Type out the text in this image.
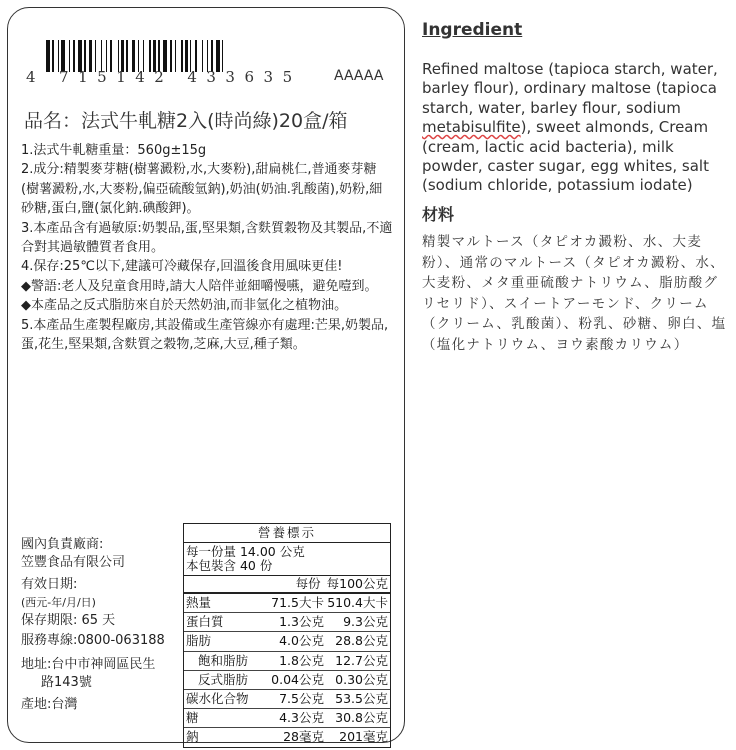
4 715142 433635 AAAAA
品名：法式牛軋糖2入(時尚綠)20盒/箱

1.法式牛軋糖重量：560g±15g

2.成分:精製麥芽糖(樹薯澱粉,水,大麥粉),甜扁桃仁,普通麥芽糖(樹薯澱粉,水,大麥粉,偏亞硫酸氫鈉),奶油(奶油.乳酸菌),奶粉,細砂糖,蛋白,鹽(氯化鈉.碘酸鉀)。

3.本產品含有過敏原:奶製品,蛋,堅果類,含麩質穀物及其製品,不適合對其過敏體質者食用。

4.保存:25℃以下,建議可冷藏保存,回溫後食用風味更佳!

◆警語:老人及兒童食用時,請大人陪伴並細嚼慢嚥，避免噎到。

◆本產品之反式脂肪來自於天然奶油,而非氫化之植物油。

5.本產品生產製程廠房,其設備或生產管線亦有處理:芒果,奶製品,蛋,花生,堅果類,含麩質之穀物,芝麻,大豆,種子類。

國內負責廠商:
笠豐食品有限公司
有效日期:
(西元-年/月/日)
保存期限: 65 天
服務專線:0800-063188
地址:台中市神岡區民生
路143號
產地:台灣
營養標示
每一份量 14.00 公克
本包裝含 40 份
每份 每100公克
熱量	71.5大卡 510.4大卡
蛋白質	1.3公克	9.3公克
脂肪	4.0公克 28.8公克
飽和脂肪	1.8公克 12.7公克
反式脂肪	0.04公克 0.30公克
碳水化合物	7.5公克 53.5公克
糖	4.3公克 30.8公克
鈉	28毫克	201毫克
Ingredient
Refined maltose (tapioca starch, water, barley flour), ordinary maltose (tapioca starch, water, barley flour, sodium metabisulfite), sweet almonds, Cream (cream, lactic acid bacteria), milk powder, caster sugar, egg whites, salt (sodium chloride, potassium iodate)
材料
精製マルトース（タピオカ澱粉、水、大麦粉）、通常のマルトース（タピオカ澱粉、水、大麦粉、メタ重亜硫酸ナトリウム、脂肪酸グリセリド）、スイートアーモンド、クリーム（クリーム、乳酸菌）、粉乳、砂糖、卵白、塩（塩化ナトリウム、ヨウ素酸カリウム）
